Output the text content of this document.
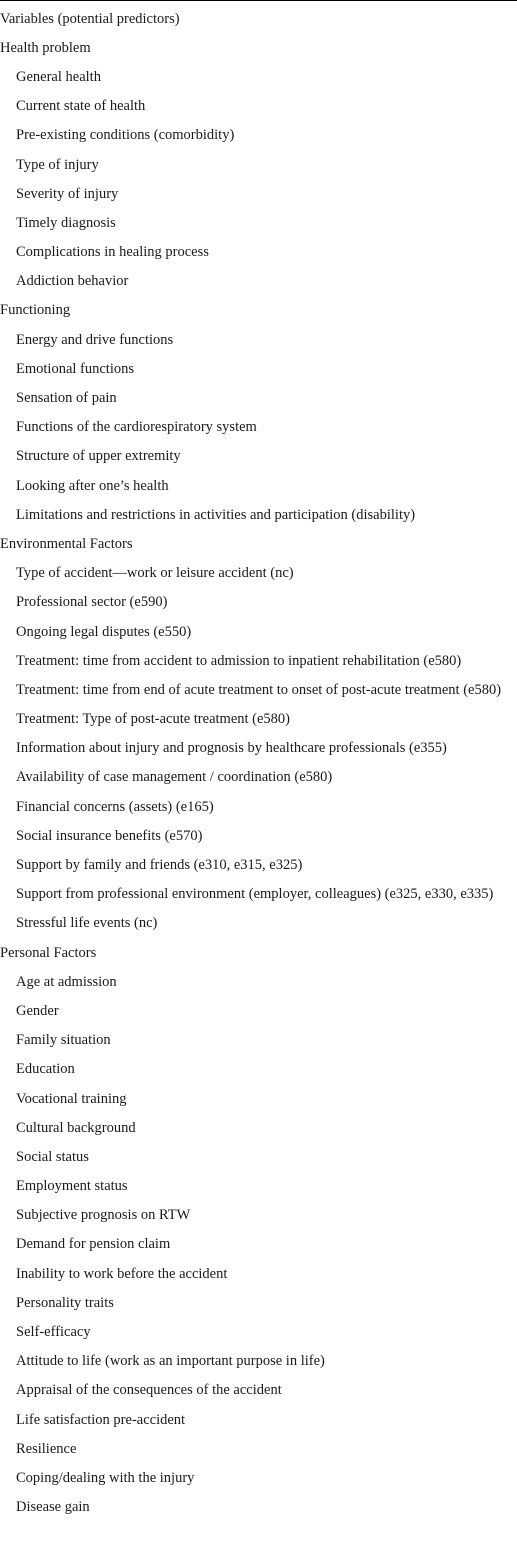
Variables (potential predictors)
Health problem
General health
Current state of health
Pre-existing conditions (comorbidity)
Type of injury
Severity of injury
Timely diagnosis
Complications in healing process
Addiction behavior
Functioning
Energy and drive functions
Emotional functions
Sensation of pain
Functions of the cardiorespiratory system
Structure of upper extremity
Looking after one’s health
Limitations and restrictions in activities and participation (disability)
Environmental Factors
Type of accident—work or leisure accident (nc)
Professional sector (e590)
Ongoing legal disputes (e550)
Treatment: time from accident to admission to inpatient rehabilitation (e580)
Treatment: time from end of acute treatment to onset of post-acute treatment (e580)
Treatment: Type of post-acute treatment (e580)
Information about injury and prognosis by healthcare professionals (e355)
Availability of case management / coordination (e580)
Financial concerns (assets) (e165)
Social insurance benefits (e570)
Support by family and friends (e310, e315, e325)
Support from professional environment (employer, colleagues) (e325, e330, e335)
Stressful life events (nc)
Personal Factors
Age at admission
Gender
Family situation
Education
Vocational training
Cultural background
Social status
Employment status
Subjective prognosis on RTW
Demand for pension claim
Inability to work before the accident
Personality traits
Self-efficacy
Attitude to life (work as an important purpose in life)
Appraisal of the consequences of the accident
Life satisfaction pre-accident
Resilience
Coping/dealing with the injury
Disease gain
